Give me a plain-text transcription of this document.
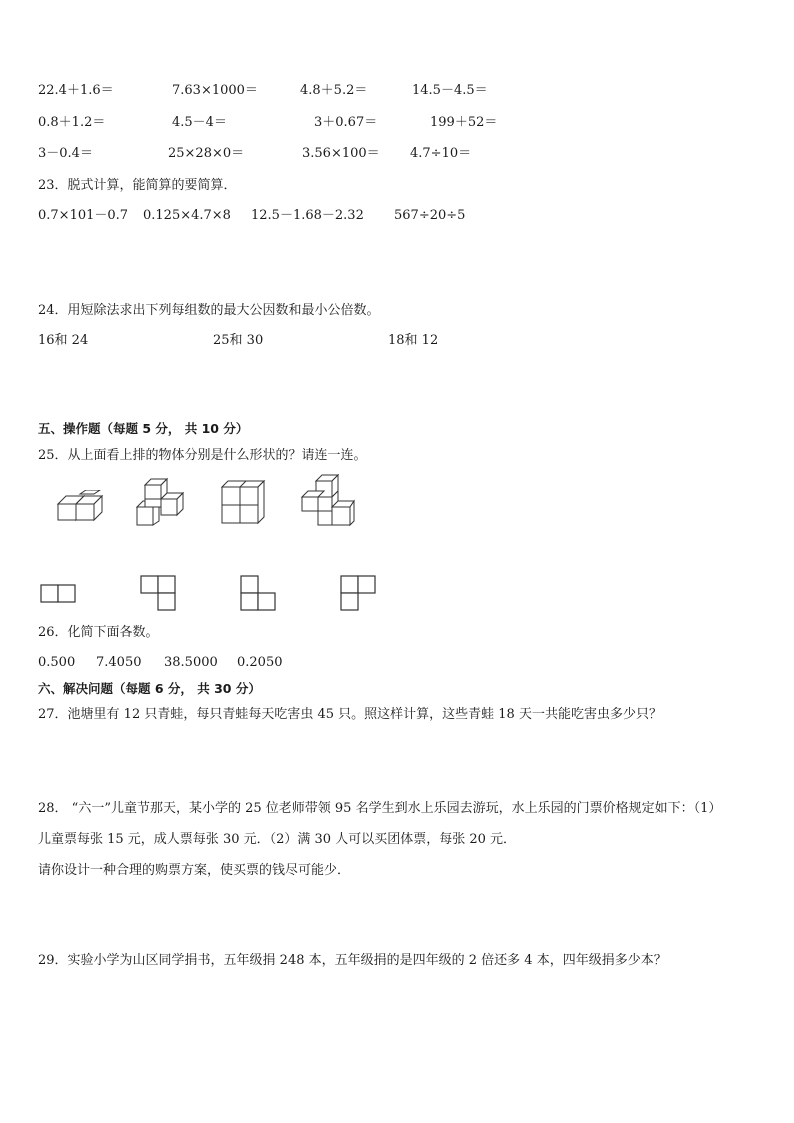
22.4＋1.6＝	7.63×1000＝	4.8＋5.2＝	14.5－4.5＝
0.8＋1.2＝	4.5－4＝	3＋0.67＝	199＋52＝
3－0.4＝	25×28×0＝	3.56×100＝ 4.7÷10＝
23．脱式计算，能简算的要简算．
0.7×101－0.7 0.125×4.7×8 12.5－1.68－2.32 567÷20÷5
24．用短除法求出下列每组数的最大公因数和最小公倍数。
16和 24	25和 30	18和 12
五、操作题（每题 5 分， 共 10 分）
25．从上面看上排的物体分别是什么形状的？请连一连。
26．化简下面各数。
0.500 7.4050 38.5000 0.2050
六、解决问题（每题 6 分， 共 30 分）
27．池塘里有 12 只青蛙，每只青蛙每天吃害虫 45 只。照这样计算，这些青蛙 18 天一共能吃害虫多少只？
28． “六一”儿童节那天，某小学的 25 位老师带领 95 名学生到水上乐园去游玩，水上乐园的门票价格规定如下：（1）
儿童票每张 15 元，成人票每张 30 元．（2）满 30 人可以买团体票，每张 20 元．
请你设计一种合理的购票方案，使买票的钱尽可能少．
29．实验小学为山区同学捐书，五年级捐 248 本，五年级捐的是四年级的 2 倍还多 4 本，四年级捐多少本？
